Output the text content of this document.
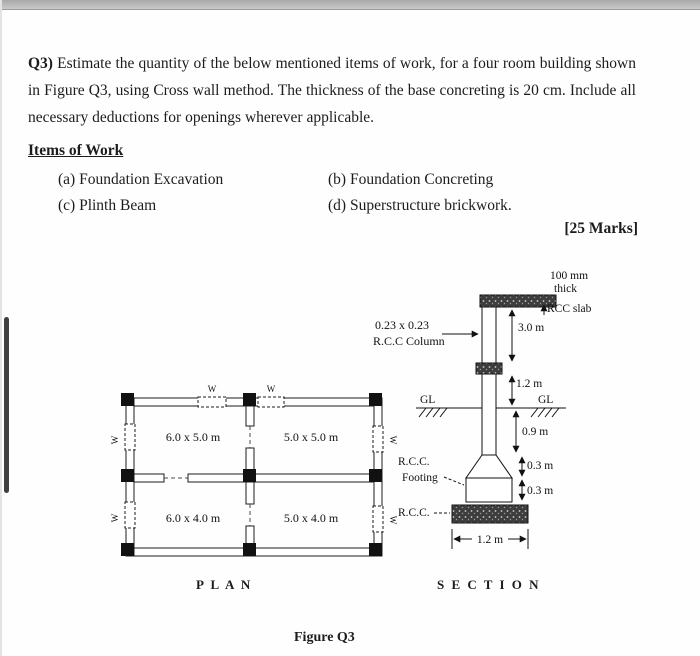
Q3) Estimate the quantity of the below mentioned items of work, for a four room building shown in Figure Q3, using Cross wall method. The thickness of the base concreting is 20 cm. Include all necessary deductions for openings wherever applicable.

Items of Work
(a) Foundation Excavation	(b) Foundation Concreting
(c) Plinth Beam	(d) Superstructure brickwork.
[25 Marks]
6.0 x 5.0 m	5.0 x 5.0 m
6.0 x 4.0 m	5.0 x 4.0 m
W	W
W
W
W
W
100 mm
thick
RCC slab
0.23 x 0.23
R.C.C Column
3.0 m
1.2 m
GL	GL
0.9 m
R.C.C.
Footing
0.3 m
0.3 m
R.C.C.
1.2 m
P L A N	S E C T I O N
Figure Q3
